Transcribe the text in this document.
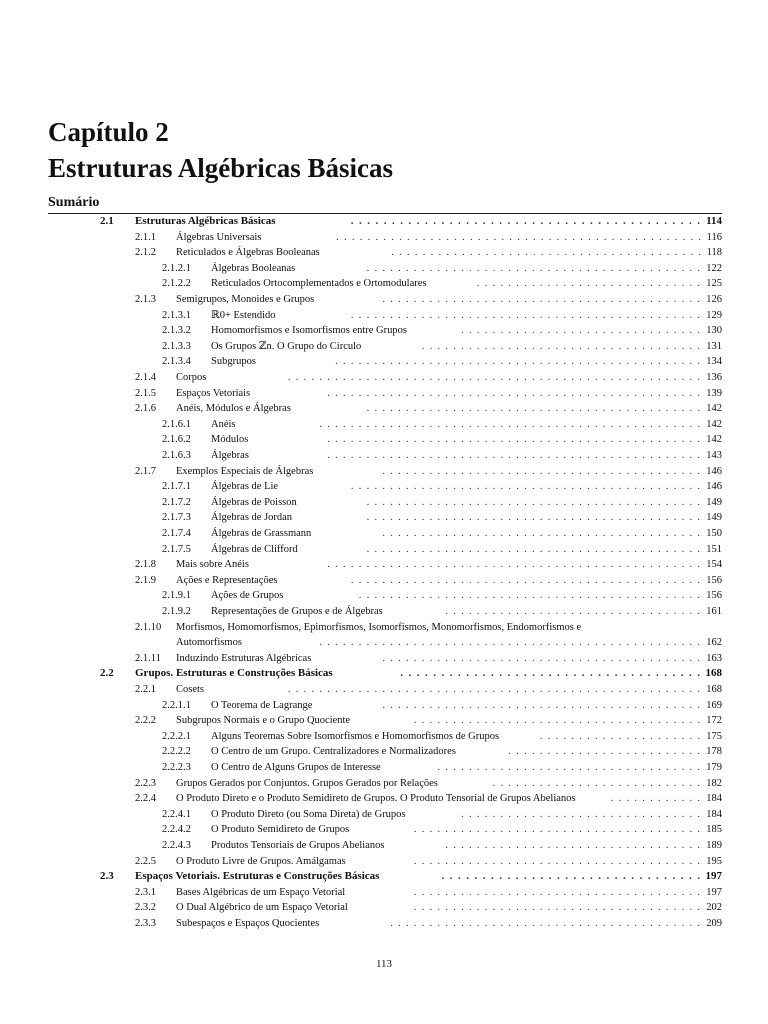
Capítulo 2
Estruturas Algébricas Básicas
Sumário
2.1 Estruturas Algébricas Básicas	114
. . . . . . . . . . . . . . . . . . . . . . . . . . . . . . . . . . . . . . . . . . .
2.1.1 Álgebras Universais	116
. . . . . . . . . . . . . . . . . . . . . . . . . . . . . . . . . . . . . . . . . . . . . . .
2.1.2 Reticulados e Álgebras Booleanas	118
. . . . . . . . . . . . . . . . . . . . . . . . . . . . . . . . . . . . . . . .
2.1.2.1 Álgebras Booleanas	122
. . . . . . . . . . . . . . . . . . . . . . . . . . . . . . . . . . . . . . . . . . .
2.1.2.2 Reticulados Ortocomplementados e Ortomodulares	125
. . . . . . . . . . . . . . . . . . . . . . . . . . . . .
2.1.3 Semigrupos, Monoides e Grupos	126
. . . . . . . . . . . . . . . . . . . . . . . . . . . . . . . . . . . . . . . . .
2.1.3.1 ℝ0+ Estendido	129
. . . . . . . . . . . . . . . . . . . . . . . . . . . . . . . . . . . . . . . . . . . . .
2.1.3.2 Homomorfismos e Isomorfismos entre Grupos	130
. . . . . . . . . . . . . . . . . . . . . . . . . . . . . . .
2.1.3.3 Os Grupos ℤn. O Grupo do Círculo	131
. . . . . . . . . . . . . . . . . . . . . . . . . . . . . . . . . . . .
2.1.3.4 Subgrupos	134
. . . . . . . . . . . . . . . . . . . . . . . . . . . . . . . . . . . . . . . . . . . . . . .
2.1.4 Corpos	136
. . . . . . . . . . . . . . . . . . . . . . . . . . . . . . . . . . . . . . . . . . . . . . . . . . . . .
2.1.5 Espaços Vetoriais	139
. . . . . . . . . . . . . . . . . . . . . . . . . . . . . . . . . . . . . . . . . . . . . . . .
2.1.6 Anéis, Módulos e Álgebras	142
. . . . . . . . . . . . . . . . . . . . . . . . . . . . . . . . . . . . . . . . . . .
2.1.6.1 Anéis	142
. . . . . . . . . . . . . . . . . . . . . . . . . . . . . . . . . . . . . . . . . . . . . . . . .
2.1.6.2 Módulos	142
. . . . . . . . . . . . . . . . . . . . . . . . . . . . . . . . . . . . . . . . . . . . . . . .
2.1.6.3 Álgebras	143
. . . . . . . . . . . . . . . . . . . . . . . . . . . . . . . . . . . . . . . . . . . . . . . .
2.1.7 Exemplos Especiais de Álgebras	146
. . . . . . . . . . . . . . . . . . . . . . . . . . . . . . . . . . . . . . . . .
2.1.7.1 Álgebras de Lie	146
. . . . . . . . . . . . . . . . . . . . . . . . . . . . . . . . . . . . . . . . . . . . .
2.1.7.2 Álgebras de Poisson	149
. . . . . . . . . . . . . . . . . . . . . . . . . . . . . . . . . . . . . . . . . . .
2.1.7.3 Álgebras de Jordan	149
. . . . . . . . . . . . . . . . . . . . . . . . . . . . . . . . . . . . . . . . . . .
2.1.7.4 Álgebras de Grassmann	150
. . . . . . . . . . . . . . . . . . . . . . . . . . . . . . . . . . . . . . . . .
2.1.7.5 Álgebras de Clifford	151
. . . . . . . . . . . . . . . . . . . . . . . . . . . . . . . . . . . . . . . . . . .
2.1.8 Mais sobre Anéis	154
. . . . . . . . . . . . . . . . . . . . . . . . . . . . . . . . . . . . . . . . . . . . . . . .
2.1.9 Ações e Representações	156
. . . . . . . . . . . . . . . . . . . . . . . . . . . . . . . . . . . . . . . . . . . . .
2.1.9.1 Ações de Grupos	156
. . . . . . . . . . . . . . . . . . . . . . . . . . . . . . . . . . . . . . . . . . . .
2.1.9.2 Representações de Grupos e de Álgebras	161
. . . . . . . . . . . . . . . . . . . . . . . . . . . . . . . . .
2.1.10 Morfismos, Homomorfismos, Epimorfismos, Isomorfismos, Monomorfismos, Endomorfismos e
Automorfismos	162
. . . . . . . . . . . . . . . . . . . . . . . . . . . . . . . . . . . . . . . . . . . . . . . . .
2.1.11 Induzindo Estruturas Algébricas	163
. . . . . . . . . . . . . . . . . . . . . . . . . . . . . . . . . . . . . . . . .
2.2 Grupos. Estruturas e Construções Básicas	168
. . . . . . . . . . . . . . . . . . . . . . . . . . . . . . . . . . . . .
2.2.1 Cosets	168
. . . . . . . . . . . . . . . . . . . . . . . . . . . . . . . . . . . . . . . . . . . . . . . . . . . . .
2.2.1.1 O Teorema de Lagrange	169
. . . . . . . . . . . . . . . . . . . . . . . . . . . . . . . . . . . . . . . . .
2.2.2 Subgrupos Normais e o Grupo Quociente	172
. . . . . . . . . . . . . . . . . . . . . . . . . . . . . . . . . . . . .
2.2.2.1 Alguns Teoremas Sobre Isomorfismos e Homomorfismos de Grupos	175
. . . . . . . . . . . . . . . . . . . . .
2.2.2.2 O Centro de um Grupo. Centralizadores e Normalizadores	178
. . . . . . . . . . . . . . . . . . . . . . . . .
2.2.2.3 O Centro de Alguns Grupos de Interesse	179
. . . . . . . . . . . . . . . . . . . . . . . . . . . . . . . . . .
2.2.3 Grupos Gerados por Conjuntos. Grupos Gerados por Relações	182
. . . . . . . . . . . . . . . . . . . . . . . . . . .
2.2.4 O Produto Direto e o Produto Semidireto de Grupos. O Produto Tensorial de Grupos Abelianos	184
. . . . . . . . . . . .
2.2.4.1 O Produto Direto (ou Soma Direta) de Grupos	184
. . . . . . . . . . . . . . . . . . . . . . . . . . . . . . .
2.2.4.2 O Produto Semidireto de Grupos	185
. . . . . . . . . . . . . . . . . . . . . . . . . . . . . . . . . . . . .
2.2.4.3 Produtos Tensoriais de Grupos Abelianos	189
. . . . . . . . . . . . . . . . . . . . . . . . . . . . . . . . .
2.2.5 O Produto Livre de Grupos. Amálgamas	195
. . . . . . . . . . . . . . . . . . . . . . . . . . . . . . . . . . . . .
2.3 Espaços Vetoriais. Estruturas e Construções Básicas	197
. . . . . . . . . . . . . . . . . . . . . . . . . . . . . . . .
2.3.1 Bases Algébricas de um Espaço Vetorial	197
. . . . . . . . . . . . . . . . . . . . . . . . . . . . . . . . . . . . .
2.3.2 O Dual Algébrico de um Espaço Vetorial	202
. . . . . . . . . . . . . . . . . . . . . . . . . . . . . . . . . . . . .
2.3.3 Subespaços e Espaços Quocientes	209
. . . . . . . . . . . . . . . . . . . . . . . . . . . . . . . . . . . . . . . .
113
